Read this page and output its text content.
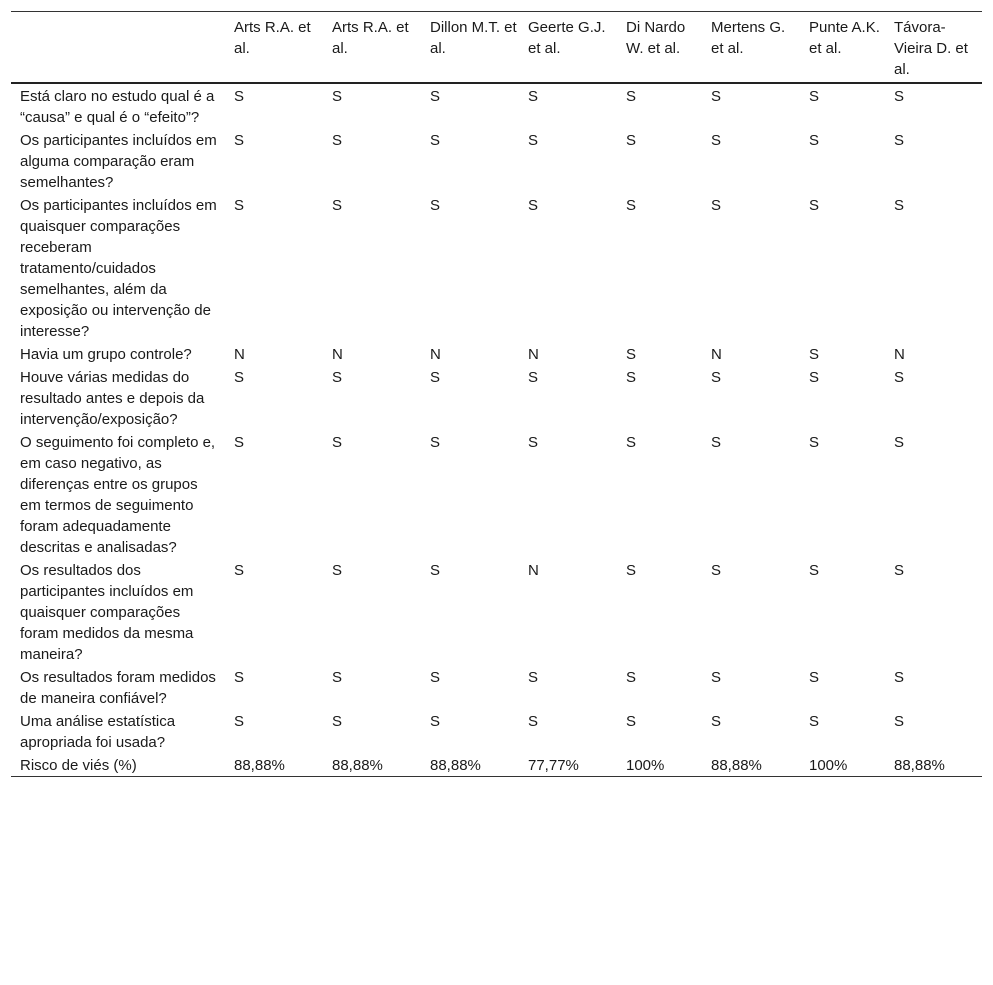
	Arts R.A. et al.	Arts R.A. et al.	Dillon M.T. et al.	Geerte G.J. et al.	Di Nardo W. et al.	Mertens G. et al.	Punte A.K. et al.	Távora-Vieira D. et al.
Está claro no estudo qual é a “causa” e qual é o “efeito”?	S	S	S	S	S	S	S	S
Os participantes incluídos em alguma comparação eram semelhantes?	S	S	S	S	S	S	S	S
Os participantes incluídos em quaisquer comparações receberam tratamento/cuidados semelhantes, além da exposição ou intervenção de interesse?	S	S	S	S	S	S	S	S
Havia um grupo controle?	N	N	N	N	S	N	S	N
Houve várias medidas do resultado antes e depois da intervenção/exposição?	S	S	S	S	S	S	S	S
O seguimento foi completo e, em caso negativo, as diferenças entre os grupos em termos de seguimento foram adequadamente descritas e analisadas?	S	S	S	S	S	S	S	S
Os resultados dos participantes incluídos em quaisquer comparações foram medidos da mesma maneira?	S	S	S	N	S	S	S	S
Os resultados foram medidos de maneira confiável?	S	S	S	S	S	S	S	S
Uma análise estatística apropriada foi usada?	S	S	S	S	S	S	S	S
Risco de viés (%)	88,88%	88,88%	88,88%	77,77%	100%	88,88%	100%	88,88%
